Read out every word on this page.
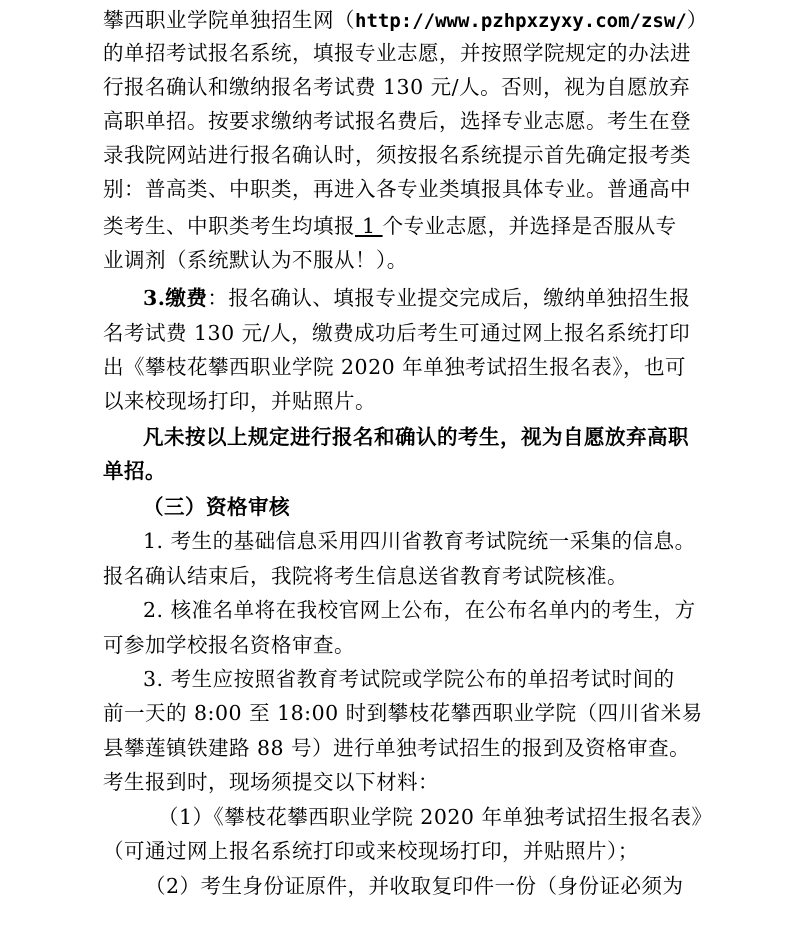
攀西职业学院单独招生网（http://www.pzhpxzyxy.com/zsw/）
的单招考试报名系统，填报专业志愿，并按照学院规定的办法进
行报名确认和缴纳报名考试费 130 元/人。否则，视为自愿放弃
高职单招。按要求缴纳考试报名费后，选择专业志愿。考生在登
录我院网站进行报名确认时，须按报名系统提示首先确定报考类
别：普高类、中职类，再进入各专业类填报具体专业。普通高中
类考生、中职类考生均填报 1 个专业志愿，并选择是否服从专
业调剂（系统默认为不服从！）。
3.缴费：报名确认、填报专业提交完成后，缴纳单独招生报
名考试费 130 元/人，缴费成功后考生可通过网上报名系统打印
出《攀枝花攀西职业学院 2020 年单独考试招生报名表》，也可
以来校现场打印，并贴照片。
凡未按以上规定进行报名和确认的考生，视为自愿放弃高职
单招。
（三）资格审核
1. 考生的基础信息采用四川省教育考试院统一采集的信息。
报名确认结束后，我院将考生信息送省教育考试院核准。
2. 核准名单将在我校官网上公布，在公布名单内的考生，方
可参加学校报名资格审查。
3. 考生应按照省教育考试院或学院公布的单招考试时间的
前一天的 8:00 至 18:00 时到攀枝花攀西职业学院（四川省米易
县攀莲镇铁建路 88 号）进行单独考试招生的报到及资格审查。
考生报到时，现场须提交以下材料：
（1）《攀枝花攀西职业学院 2020 年单独考试招生报名表》
（可通过网上报名系统打印或来校现场打印，并贴照片）；
（2）考生身份证原件，并收取复印件一份（身份证必须为
